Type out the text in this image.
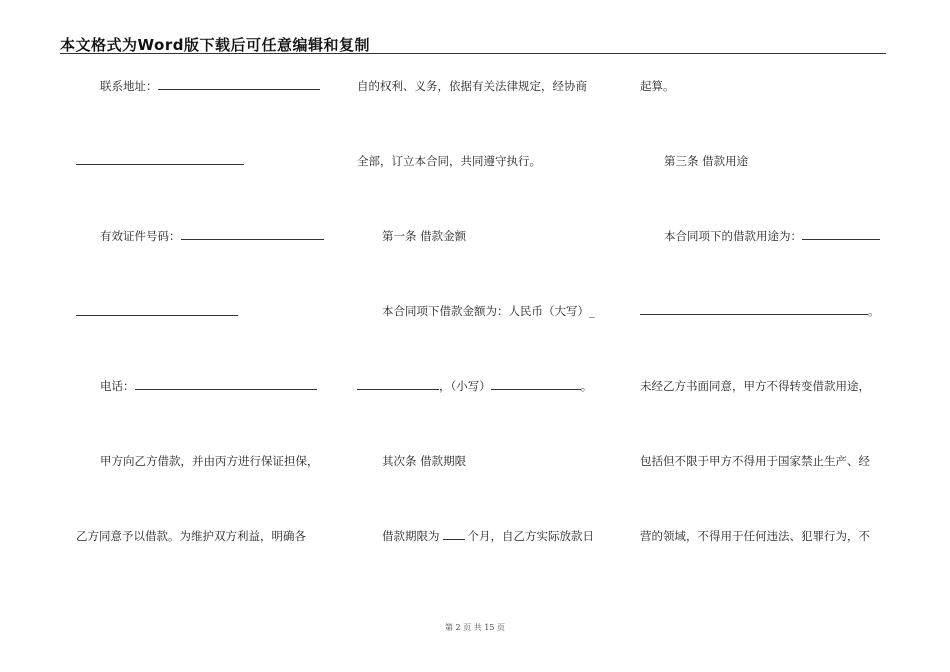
本文格式为Word版下载后可任意编辑和复制
联系地址：
有效证件号码：
电话：
甲方向乙方借款，并由丙方进行保证担保，
乙方同意予以借款。为维护双方利益，明确各
自的权利、义务，依据有关法律规定，经协商
全部，订立本合同，共同遵守执行。
第一条 借款金额
本合同项下借款金额为：人民币（大写）_
，（小写）	。
其次条 借款期限
借款期限为 个月，自乙方实际放款日
起算。
第三条 借款用途
本合同项下的借款用途为：
。
未经乙方书面同意，甲方不得转变借款用途，
包括但不限于甲方不得用于国家禁止生产、经
营的领域，不得用于任何违法、犯罪行为，不
第 2 页 共 15 页
